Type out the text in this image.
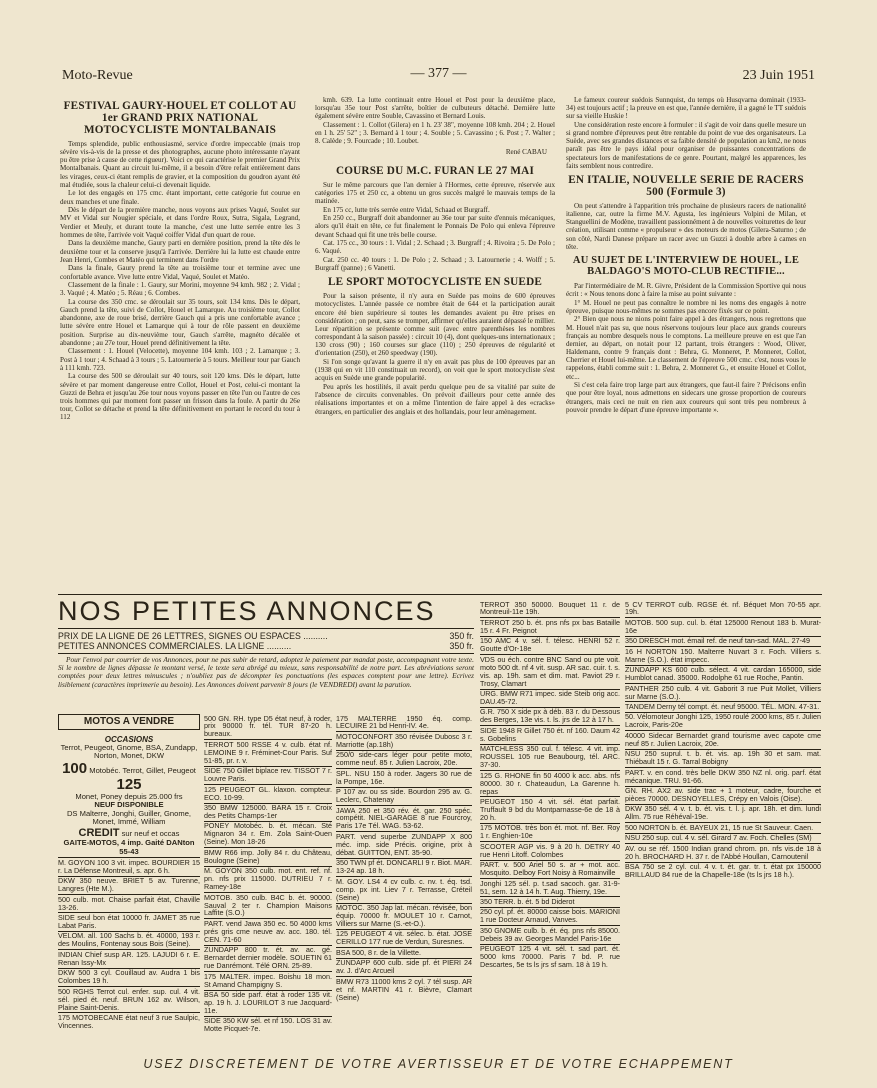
Moto-Revue	— 377 —	23 Juin 1951
FESTIVAL GAURY-HOUEL ET COLLOT AU 1er GRAND PRIX NATIONAL MOTOCYCLISTE MONTALBANAIS

Temps splendide, public enthousiasmé, service d'ordre impeccable (mais trop sévère vis-à-vis de la presse et des photographes, aucune photo intéressante n'ayant pu être prise à cause de cette rigueur). Voici ce qui caractérise le premier Grand Prix Montalbanais. Quant au circuit lui-même, il a besoin d'être refait entièrement dans les virages, ceux-ci étant remplis de gravier, et la composition du goudron ayant été mal étudiée, sous la chaleur celui-ci devenait liquide.

Le lot des engagés en 175 cmc. étant important, cette catégorie fut courue en deux manches et une finale.

Dès le départ de la première manche, nous voyons aux prises Vaqué, Soulet sur MV et Vidal sur Nougier spéciale, et dans l'ordre Roux, Sutra, Sigala, Legrand, Verdier et Meuly, et durant toute la manche, c'est une lutte serrée entre les 3 hommes de tête, l'arrivée voit Vaqué coiffer Vidal d'un quart de roue.

Dans la deuxième manche, Gaury parti en dernière position, prend la tête dès le deuxième tour et la conserve jusqu'à l'arrivée. Derrière lui la lutte est chaude entre Jean Henri, Combes et Matéo qui terminent dans l'ordre

Dans la finale, Gaury prend la tête au troisième tour et termine avec une confortable avance. Vive lutte entre Vidal, Vaqué, Soulet et Matéo.

Classement de la finale : 1. Gaury, sur Morini, moyenne 94 kmh. 982 ; 2. Vidal ; 3. Vaqué ; 4. Matéo ; 5. Réau ; 6. Combes.

La course des 350 cmc. se déroulait sur 35 tours, soit 134 kms. Dès le départ, Gauch prend la tête, suivi de Collot, Houel et Lamarque. Au troisième tour, Collot abandonne, axe de roue brisé, derrière Gauch qui a pris une confortable avance ; lutte sévère entre Houel et Lamarque qui à tour de rôle passent en deuxième position. Surprise au dix-neuvième tour, Gauch s'arrête, magnéto décalée et abandonne ; au 27e tour, Houel prend définitivement la tête.

Classement : 1. Houel (Velocette), moyenne 104 kmh. 103 ; 2. Lamarque ; 3. Post à 1 tour ; 4. Schaad à 3 tours ; 5. Latournerie à 5 tours. Meilleur tour par Gauch à 111 kmh. 723.

La course des 500 se déroulait sur 40 tours, soit 120 kms. Dès le départ, lutte sévère et par moment dangereuse entre Collot, Houel et Post, celui-ci montant la Guzzi de Behra et jusqu'au 26e tour nous voyons passer en tête l'un ou l'autre de ces trois hommes qui par moment font passer un frisson dans la foule. A partir du 26e tour, Collot se détache et prend la tête définitivement en portant le record du tour à 112

kmh. 639. La lutte continuait entre Houel et Post pour la deuxième place, lorsqu'au 35e tour Post s'arrête, boîtier de culbuteurs détaché. Dernière lutte également sévère entre Souble, Cavassino et Bernard Louis.

Classement : 1. Collot (Gilera) en 1 h. 23' 38", moyenne 108 kmh. 204 ; 2. Houel en 1 h. 25' 52" ; 3. Bernard à 1 tour ; 4. Souble ; 5. Cavassino ; 6. Post ; 7. Walter ; 8. Calède ; 9. Fourcade ; 10. Loubet.

René CABAU
COURSE DU M.C. FURAN LE 27 MAI

Sur le même parcours que l'an dernier à l'Hormes, cette épreuve, réservée aux catégories 175 et 250 cc, a obtenu un gros succès malgré le mauvais temps de la matinée.

En 175 cc, lutte très serrée entre Vidal, Schaad et Burgraff.

En 250 cc., Burgraff doit abandonner au 36e tour par suite d'ennuis mécaniques, alors qu'il était en tête, ce fut finalement le Ponnais De Polo qui enleva l'épreuve devant Schaad qui fit une très belle course.

Cat. 175 cc., 30 tours : 1. Vidal ; 2. Schaad ; 3. Burgraff ; 4. Rivoira ; 5. De Polo ; 6. Vaqué.

Cat. 250 cc. 40 tours : 1. De Polo ; 2. Schaad ; 3. Latournerie ; 4. Wolff ; 5. Burgraff (panne) ; 6 Vanetti.

LE SPORT MOTOCYCLISTE EN SUEDE

Pour la saison présente, il n'y aura en Suède pas moins de 600 épreuves motocyclistes. L'année passée ce nombre était de 644 et la participation aurait encore été bien supérieure si toutes les demandes avaient pu être prises en considération ; on peut, sans se tromper, affirmer qu'elles auraient dépassé le millier. Leur répartition se présente comme suit (avec entre parenthèses les nombres correspondant à la saison passée) : circuit 10 (4), dont quelques-uns internationaux ; 130 cross (90) ; 160 courses sur glace (110) ; 250 épreuves de régularité et d'orientation (250), et 260 speedway (190).

Si l'on songe qu'avant la guerre il n'y en avait pas plus de 100 épreuves par an (1938 qui en vit 110 constituait un record), on voit que le sport motocycliste s'est acquis en Suède une grande popularité.

Peu après les hostilités, il avait perdu quelque peu de sa vitalité par suite de l'absence de circuits convenables. On prévoit d'ailleurs pour cette année des réalisations importantes et on a même l'intention de faire appel à des «cracks» étrangers, en particulier des anglais et des hollandais, pour leur amènagement.

Le fameux coureur suédois Sunnquist, du temps où Husqvarna dominait (1933-34) est toujours actif ; la preuve en est que, l'année dernière, il a gagné le TT suédois sur sa vieille Huskie !

Une considération reste encore à formuler : il s'agit de voir dans quelle mesure un si grand nombre d'épreuves peut être rentable du point de vue des organisateurs. La Suède, avec ses grandes distances et sa faible densité de population au km2, ne nous paraît pas être le pays idéal pour organiser de puissantes concentrations de spectateurs lors de manifestations de ce genre. Pourtant, malgré les apparences, les faits semblent nous contredire.

EN ITALIE, NOUVELLE SERIE DE RACERS 500 (Formule 3)

On peut s'attendre à l'apparition très prochaine de plusieurs racers de nationalité italienne, car, outre la firme M.V. Agusta, les ingénieurs Volpini de Milan, et Stanguellini de Modène, travaillent passionnément à de nouvelles voiturettes de leur création, utilisant comme « propulseur » des moteurs de motos (Gilera-Saturno ; de son côté, Nardi Danese prépare un racer avec un Guzzi à double arbre à cames en tête.

AU SUJET DE L'INTERVIEW DE HOUEL, LE BALDAGO'S MOTO-CLUB RECTIFIE...

Par l'intermédiaire de M. R. Givre, Président de la Commission Sportive qui nous écrit : « Nous tenons donc à faire la mise au point suivante :

1° M. Houel ne peut pas connaître le nombre ni les noms des engagés à notre épreuve, puisque nous-mêmes ne sommes pas encore fixés sur ce point.

2° Bien que nous ne nions point faire appel à des étrangers, nous regrettons que M. Houel n'ait pas su, que nous réservons toujours leur place aux grands coureurs français au nombre desquels nous le comptons. La meilleure preuve en est que l'an dernier, au départ, on notait pour 12 partant, trois étrangers : Wood, Oliver, Haldemann, contre 9 français dont : Behra, G. Monneret, P. Monneret, Collot, Cherrier et Houel lui-même. Le classement de l'épreuve 500 cmc. c'est, nous vous le rappelons, établi comme suit : 1. Behra, 2. Monneret G., et ensuite Houel et Collot, etc...

Si c'est cela faire trop large part aux étrangers, que faut-il faire ? Précisons enfin que pour être loyal, nous admettons en sidecars une grosse proportion de coureurs étrangers, mais ceci ne nuit en rien aux coureurs qui sont très peu nombreux à pouvoir prendre le départ d'une épreuve importante ».

NOS PETITES ANNONCES
PRIX DE LA LIGNE DE 26 LETTRES, SIGNES OU ESPACES ..........	350 fr.
PETITES ANNONCES COMMERCIALES. LA LIGNE ..........	350 fr.
Pour l'envoi par courrier de vos Annonces, pour ne pas subir de retard, adoptez le paiement par mandat poste, accompagnant votre texte. Si le nombre de lignes dépasse le montant versé, le texte sera abrégé au mieux, sans responsabilité de notre part. Les abréviations seront comptées pour deux lettres minuscules ; n'oubliez pas de décompter les ponctuations (les espaces comptent pour une lettre). Ecrivez lisiblement (caractères imprimerie au besoin). Les Annonces doivent parvenir 8 jours (le VENDREDI) avant la parution.
MOTOS A VENDRE
OCCASIONS
Terrot, Peugeot, Gnome, BSA, Zundapp, Norton, Monet, DKW
100 Motobéc. Terrot, Gillet, Peugeot 125
Monet, Poney depuis 25.000 frs
NEUF DISPONIBLE
DS Malterre, Jonghi, Guiller, Gnome, Monet, Immé, William
CREDIT sur neuf et occas
GAITE-MOTOS, 4 imp. Gaité DANton 55-43
M. GOYON 100 3 vit. impec. BOURDIER 15 r. La Défense Montreuil, s. apr. 6 h.
DKW 350 neuve. BRIET 5 av. Turenne, Langres (Hte M.).
500 culb. mot. Chaise parfait état, Chaville 13-26.
SIDE seul bon état 10000 fr. JAMET 35 rue Labat Paris.
VELOM. all. 100 Sachs b. ét. 40000, 193 r. des Moulins, Fontenay sous Bois (Seine).
INDIAN Chief susp AR. 125. LAJUDI 6 r. E. Renan Issy-Mx
DKW 500 3 cyl. Couillaud av. Audra 1 bis Colombes 19 h.
500 RGHS Terrot cul. enfer. sup. cul. 4 vit. sél. pied ét. neuf. BRUN 162 av. Wilson, Plaine Saint-Denis.
175 MOTOBECANE état neuf 3 rue Saulpic, Vincennes.
500 GN. RH. type D5 état neuf, à roder, prix 90000 fr. tél. TUR 87-20 h. bureaux.
TERROT 500 RSSE 4 v. culb. état nf. LEMOINE 9 r. Fréminet-Cour Paris. Suf 51-85, pr. r. v.
SIDE 750 Gillet biplace rev. TISSOT 7 r. Louvre Paris.
125 PEUGEOT GL. klaxon. compteur. ECO. 10-99.
350 BMW 125000. BARA 15 r. Croix des Petits Champs-1er
PONEY Motobéc. b. ét. mécan. Sté Mignaron 34 r. Em. Zola Saint-Ouen (Seine). Mon 18-26
BMW R66 imp. Jolly 84 r. du Château, Boulogne (Seine)
M. GOYON 350 culb. mot. ent. ref. nf. pn. nfs prix 115000. DUTRIEU 7 r. Ramey-18e
MOTOB. 350 culb. B4C b. ét. 90000. Sauval 2 ter r. Champion Maisons Laffite (S.O.)
PART. vend Jawa 350 ec. 50 4000 kms prés gris cme neuve av. acc. 180. tél. CEN. 71-60
ZUNDAPP 800 tr. ét. av. ac. gé. Bernardet dernier modèle. SOUETIN 61 rue Danrémont. Télé ORN. 25-89.
175 MALTER. impec. Boishu 18 mon. St Amand Champigny S.
BSA 50 side parf. état à roder 135 vit. ap. 19 h. J. LOURILOT 3 rue Jacquard-11e.
SIDE 350 KW sél. et nf 150. LOS 31 av. Motte Picquet-7e.
175 MALTERRE 1950 éq. comp. LECUIRE 21 bd Henri-IV. 4e.
MOTOCONFORT 350 révisée Dubosc 3 r. Marriotte (ap.18h)
250/0 side-cars léger pour petite moto, comme neuf. 85 r. Julien Lacroix, 20e.
SPL. NSU 150 à roder. Jagers 30 rue de la Pompe, 16e.
P 107 av. ou ss side. Bourdon 295 av. G. Leclerc, Chatenay
JAWA 250 et 350 rév. ét. gar. 250 spéc. compétit. NIEL-GARAGE 8 rue Fourcroy, Paris 17e Tél. WAG. 53-62.
PART. vend superbe ZUNDAPP X 800 méc. imp. side Précis. origine, prix à débat. GUITTON, ENT. 35-90.
350 TWN pf ét. DONCARLI 9 r. Biot. MAR. 13-24 ap. 18 h.
M. GOY. LS4 4 cv culb. c. nv. t. éq. tsd. comp. px int. Liev 7 r. Terrasse, Créteil (Seine)
MOTOC. 350 Jap lat. mécan. révisée, bon équip. 70000 fr. MOULET 10 r. Carnot, Villiers sur Marne (S.-et-O.).
125 PEUGEOT 4 vit. sélec. b. état. JOSE CERILLO 177 rue de Verdun, Suresnes.
BSA 500, 8 r. de la Villette.
ZUNDAPP 600 culb. side pf. ét PIERI 24 av. J. d'Arc Arcueil
BMW R73 11000 kms 2 cyl. 7 tél susp. AR et nf. MARTIN 41 r. Bièvre, Clamart (Seine)
TERROT 350 50000. Bouquet 11 r. de Montreuil-11e 19h.
TERROT 250 b. ét. pns nfs px bas Bataille 15 r. 4 Fr. Peignot
150 AMC 4 v. sél. f. télesc. HENRI 52 r. Goutte d'Or-18e
VDS ou éch. contre BNC Sand ou pte voit. moto 500 dt. nf 4 vit. susp. AR sac. cuir. t. s. vis. ap. 19h. sam et dim. mat. Paviot 29 r. Trosy, Clamart
URG. BMW R71 impec. side Steib orig acc. DAU.45-72.
G.R. 750 X side px à déb. 83 r. du Dessous des Berges, 13e vis. t. ls. jrs de 12 à 17 h.
SIDE 1948 R Gillet 750 ét. nf 160. Daum 42 s. Gobelins
MATCHLESS 350 cul. f. télesc. 4 vit. imp. ROUSSEL 105 rue Beaubourg, tél. ARC. 37-30.
125 G. RHONE fin 50 4000 k acc. abs. nfs 80000. 30 r. Chateaudun, La Garenne h. repas
PEUGEOT 150 4 vit. sél. état parfait. Truffault 9 bd du Montparnasse-6e de 18 à 20 h.
175 MOTOB. très bon ét. mot. nf. Ber. Roy 1 r. Enghien-10e
SCOOTER AGP vis. 9 à 20 h. DETRY 40 rue Henri Litoff. Colombes
PART. v. 500 Ariel 50 s. ar + mot. acc. Mosquito. Delboy Fort Noisy à Romainville
Jonghi 125 sél. p. t.sad sacoch. gar. 31-9-51, sem. 12 à 14 h. T. Aug. Thierry, 19e.
350 TERR. b. ét. 5 bd Diderot
250 cyl. pf. ét. 80000 caisse bois. MARIONI 1 rue Docteur Arnaud, Vanves.
350 GNOME culb. b. ét. éq. pns nfs 85000. Debeis 39 av. Georges Mandel Paris-16e
PEUGEOT 125 4 vit. sél. t. sad part. ét. 5000 kms 70000. Paris 7 bd. P. rue Descartes, 5e ts ls jrs sf sam. 18 à 19 h.
5 CV TERROT culb. RGSE ét. nf. Béquet Mon 70-55 apr. 19h.
MOTOB. 500 sup. cul. b. état 125000 Renout 183 b. Murat-16e
350 DRESCH mot. émail ref. de neuf tan-sad. MAL. 27-49
16 H NORTON 150. Malterre Nuvart 3 r. Foch. Villiers s. Marne (S.O.). état impecc.
ZUNDAPP KS 600 culb. sélect. 4 vit. cardan 165000, side Humblot canad. 35000. Rodolphe 61 rue Roche, Pantin.
PANTHER 250 culb. 4 vit. Gaborit 3 rue Puit Mollet, Villiers sur Marne (S.O.).
TANDEM Derny tél compt. ét. neuf 95000. TÉL. MON. 47-31.
50. Vélomoteur Jonghi 125, 1950 roulé 2000 kms, 85 r. Julien Lacroix, Paris-20e
40000 Sidecar Bernardet grand tourisme avec capote cme neuf 85 r. Julien Lacroix, 20e.
NSU 250 suprul. t. b. ét. vis. ap. 19h 30 et sam. mat. Thiébault 15 r. G. Tarral Bobigny
PART. v. en cond. très belle DKW 350 NZ nl. orig. parf. état mécanique. TRU. 91-66.
GN. RH. AX2 av. side trac + 1 moteur, cadre, fourche et pièces 70000. DESNOYELLES, Crépy en Valois (Oise).
DKW 350 sél. 4 v. t. b. ét. vis. t. l. j. apr. 18h. et dim. lundi Allm. 75 rue Réhéval-19e.
500 NORTON b. ét. BAYEUX 21, 15 rue St Sauveur. Caen.
NSU 250 sup. cul. 4 v. sél. Girard 7 av. Foch. Chelles (SM)
AV. ou se réf. 1500 Indian grand chrom. pn. nfs vis.de 18 à 20 h. BROCHARD H. 37 r. de l'Abbé Houllan, Carnoutenil
BSA 750 se 2 cyl. cul. 4 v. t. ét. gar. tr. t. état px 150000 BRILLAUD 84 rue de la Chapelle-18e (ts ls jrs 18 h.).
USEZ DISCRETEMENT DE VOTRE AVERTISSEUR ET DE VOTRE ECHAPPEMENT
